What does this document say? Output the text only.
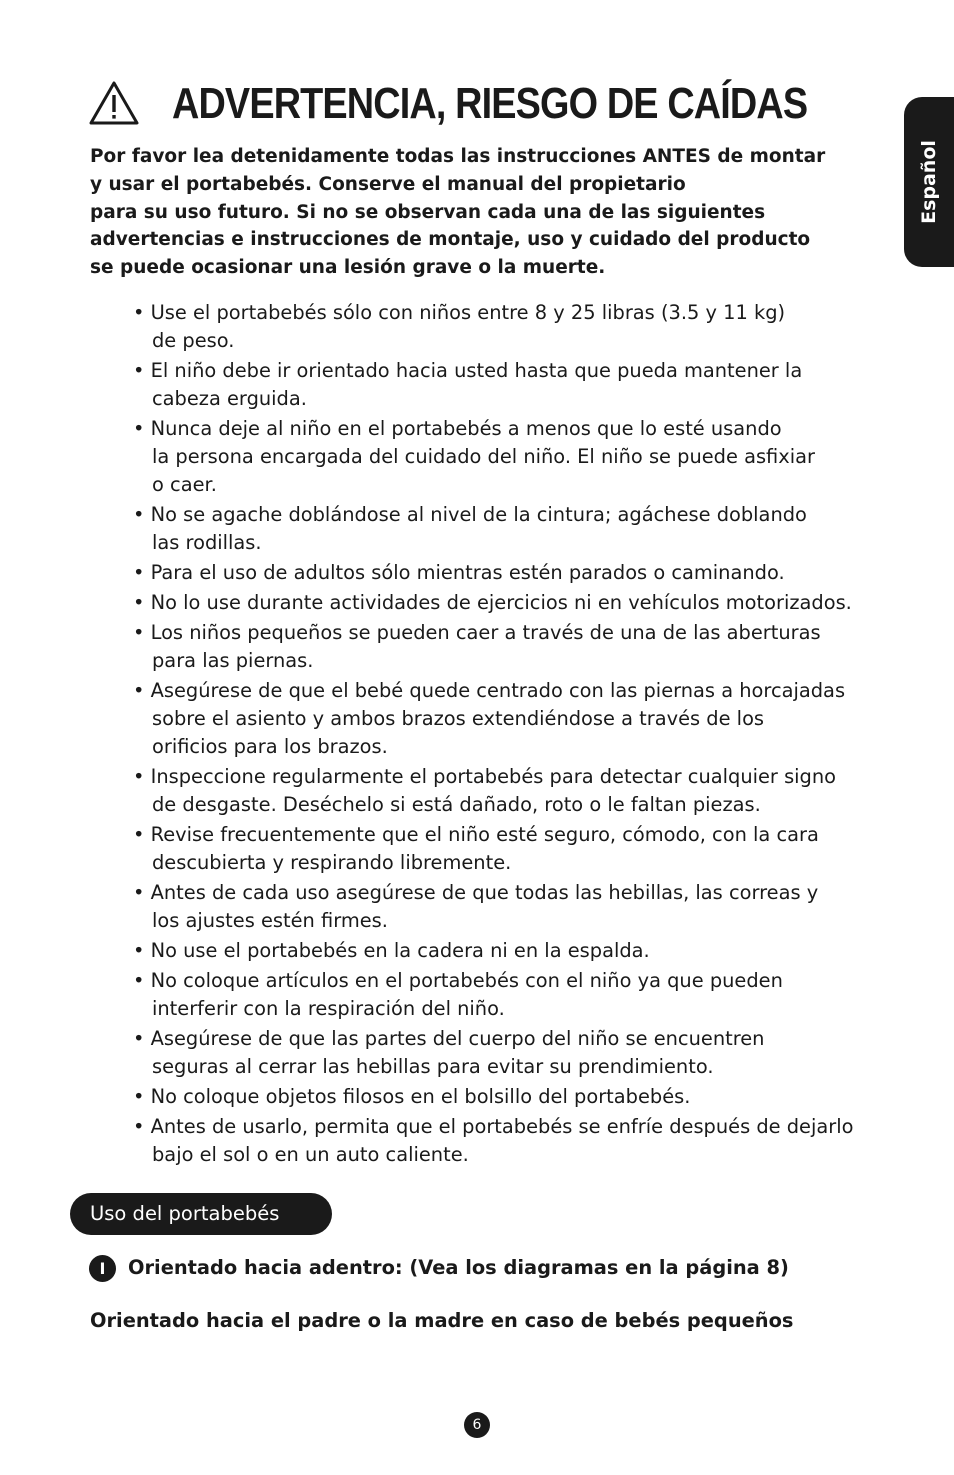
Español
ADVERTENCIA, RIESGO DE CAÍDAS

Por favor lea detenidamente todas las instrucciones ANTES de montar
y usar el portabebés. Conserve el manual del propietario
para su uso futuro. Si no se observan cada una de las siguientes
advertencias e instrucciones de montaje, uso y cuidado del producto
se puede ocasionar una lesión grave o la muerte.

• Use el portabebés sólo con niños entre 8 y 25 libras (3.5 y 11 kg)
de peso.
• El niño debe ir orientado hacia usted hasta que pueda mantener la
cabeza erguida.
• Nunca deje al niño en el portabebés a menos que lo esté usando
la persona encargada del cuidado del niño. El niño se puede asfixiar
o caer.
• No se agache doblándose al nivel de la cintura; agáchese doblando
las rodillas.
• Para el uso de adultos sólo mientras estén parados o caminando.
• No lo use durante actividades de ejercicios ni en vehículos motorizados.
• Los niños pequeños se pueden caer a través de una de las aberturas
para las piernas.
• Asegúrese de que el bebé quede centrado con las piernas a horcajadas
sobre el asiento y ambos brazos extendiéndose a través de los
orificios para los brazos.
• Inspeccione regularmente el portabebés para detectar cualquier signo
de desgaste. Deséchelo si está dañado, roto o le faltan piezas.
• Revise frecuentemente que el niño esté seguro, cómodo, con la cara
descubierta y respirando libremente.
• Antes de cada uso asegúrese de que todas las hebillas, las correas y
los ajustes estén firmes.
• No use el portabebés en la cadera ni en la espalda.
• No coloque artículos en el portabebés con el niño ya que pueden
interferir con la respiración del niño.
• Asegúrese de que las partes del cuerpo del niño se encuentren
seguras al cerrar las hebillas para evitar su prendimiento.
• No coloque objetos filosos en el bolsillo del portabebés.
• Antes de usarlo, permita que el portabebés se enfríe después de dejarlo
bajo el sol o en un auto caliente.
Uso del portabebés
I	Orientado hacia adentro: (Vea los diagramas en la página 8)
Orientado hacia el padre o la madre en caso de bebés pequeños
6
